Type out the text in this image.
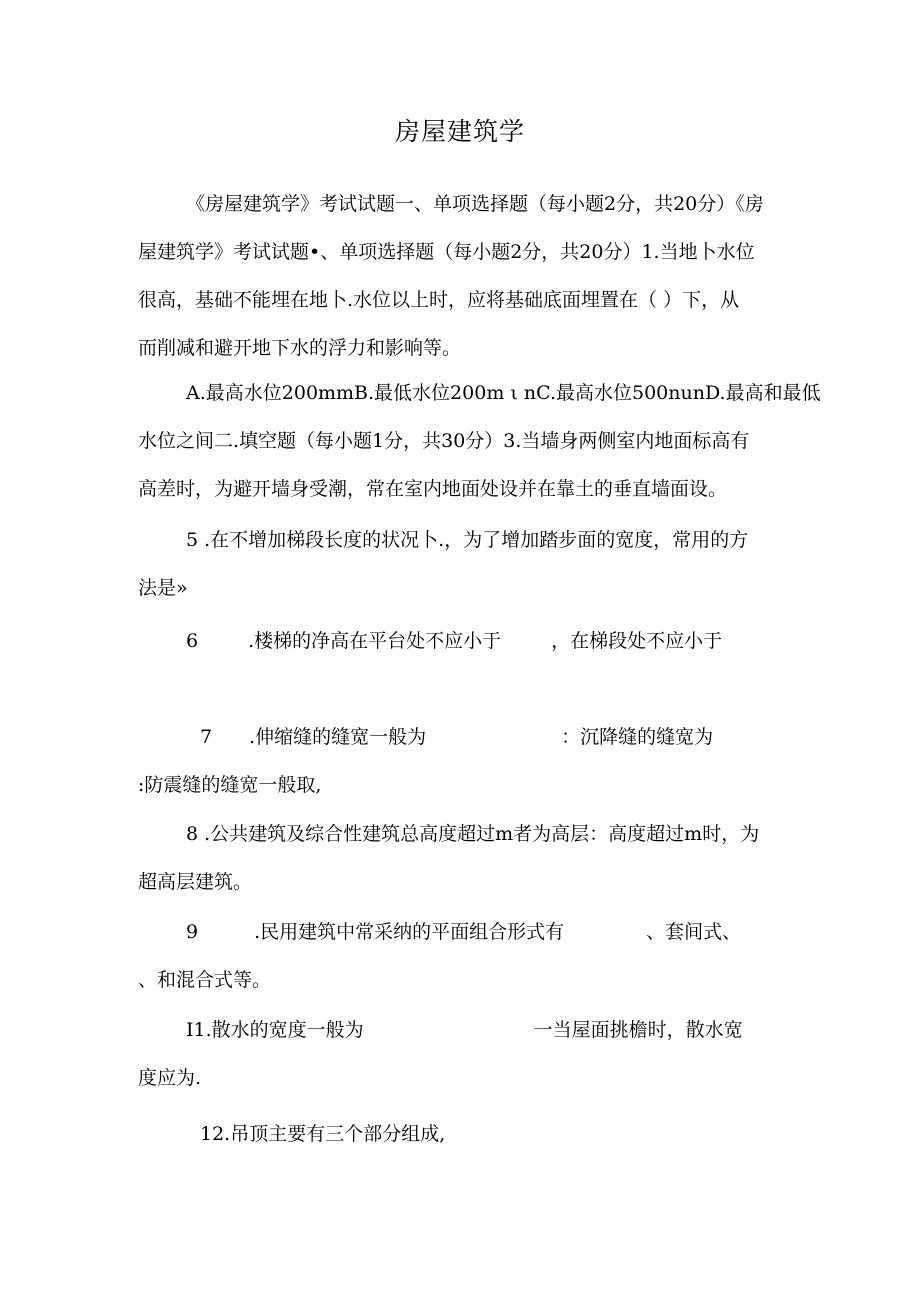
房屋建筑学
《房屋建筑学》考试试题一、单项选择题（每小题2分，共20分）《房
屋建筑学》考试试题•、单项选择题（每小题2分，共20分）1.当地卜水位
很高，基础不能埋在地卜.水位以上时，应将基础底面埋置在（ ）下，从
而削减和避开地下水的浮力和影响等。
A.最高水位200mmB.最低水位200m ι nC.最高水位500nunD.最高和最低
水位之间二.填空题（每小题1分，共30分）3.当墙身两侧室内地面标高有
高差时，为避开墙身受潮，常在室内地面处设并在靠土的垂直墙面设。
5 .在不增加梯段长度的状况卜.，为了增加踏步面的宽度，常用的方
法是»
6	.楼梯的净高在平台处不应小于	，在梯段处不应小于
7 .伸缩缝的缝宽一般为	：沉降缝的缝宽为
:防震缝的缝宽一般取,
8 .公共建筑及综合性建筑总高度超过m者为高层：高度超过m时，为
超高层建筑。
9	.民用建筑中常采纳的平面组合形式有	、套间式、
、和混合式等。
I1.散水的宽度一般为	一当屋面挑檐时，散水宽
度应为.
12.吊顶主要有三个部分组成,
